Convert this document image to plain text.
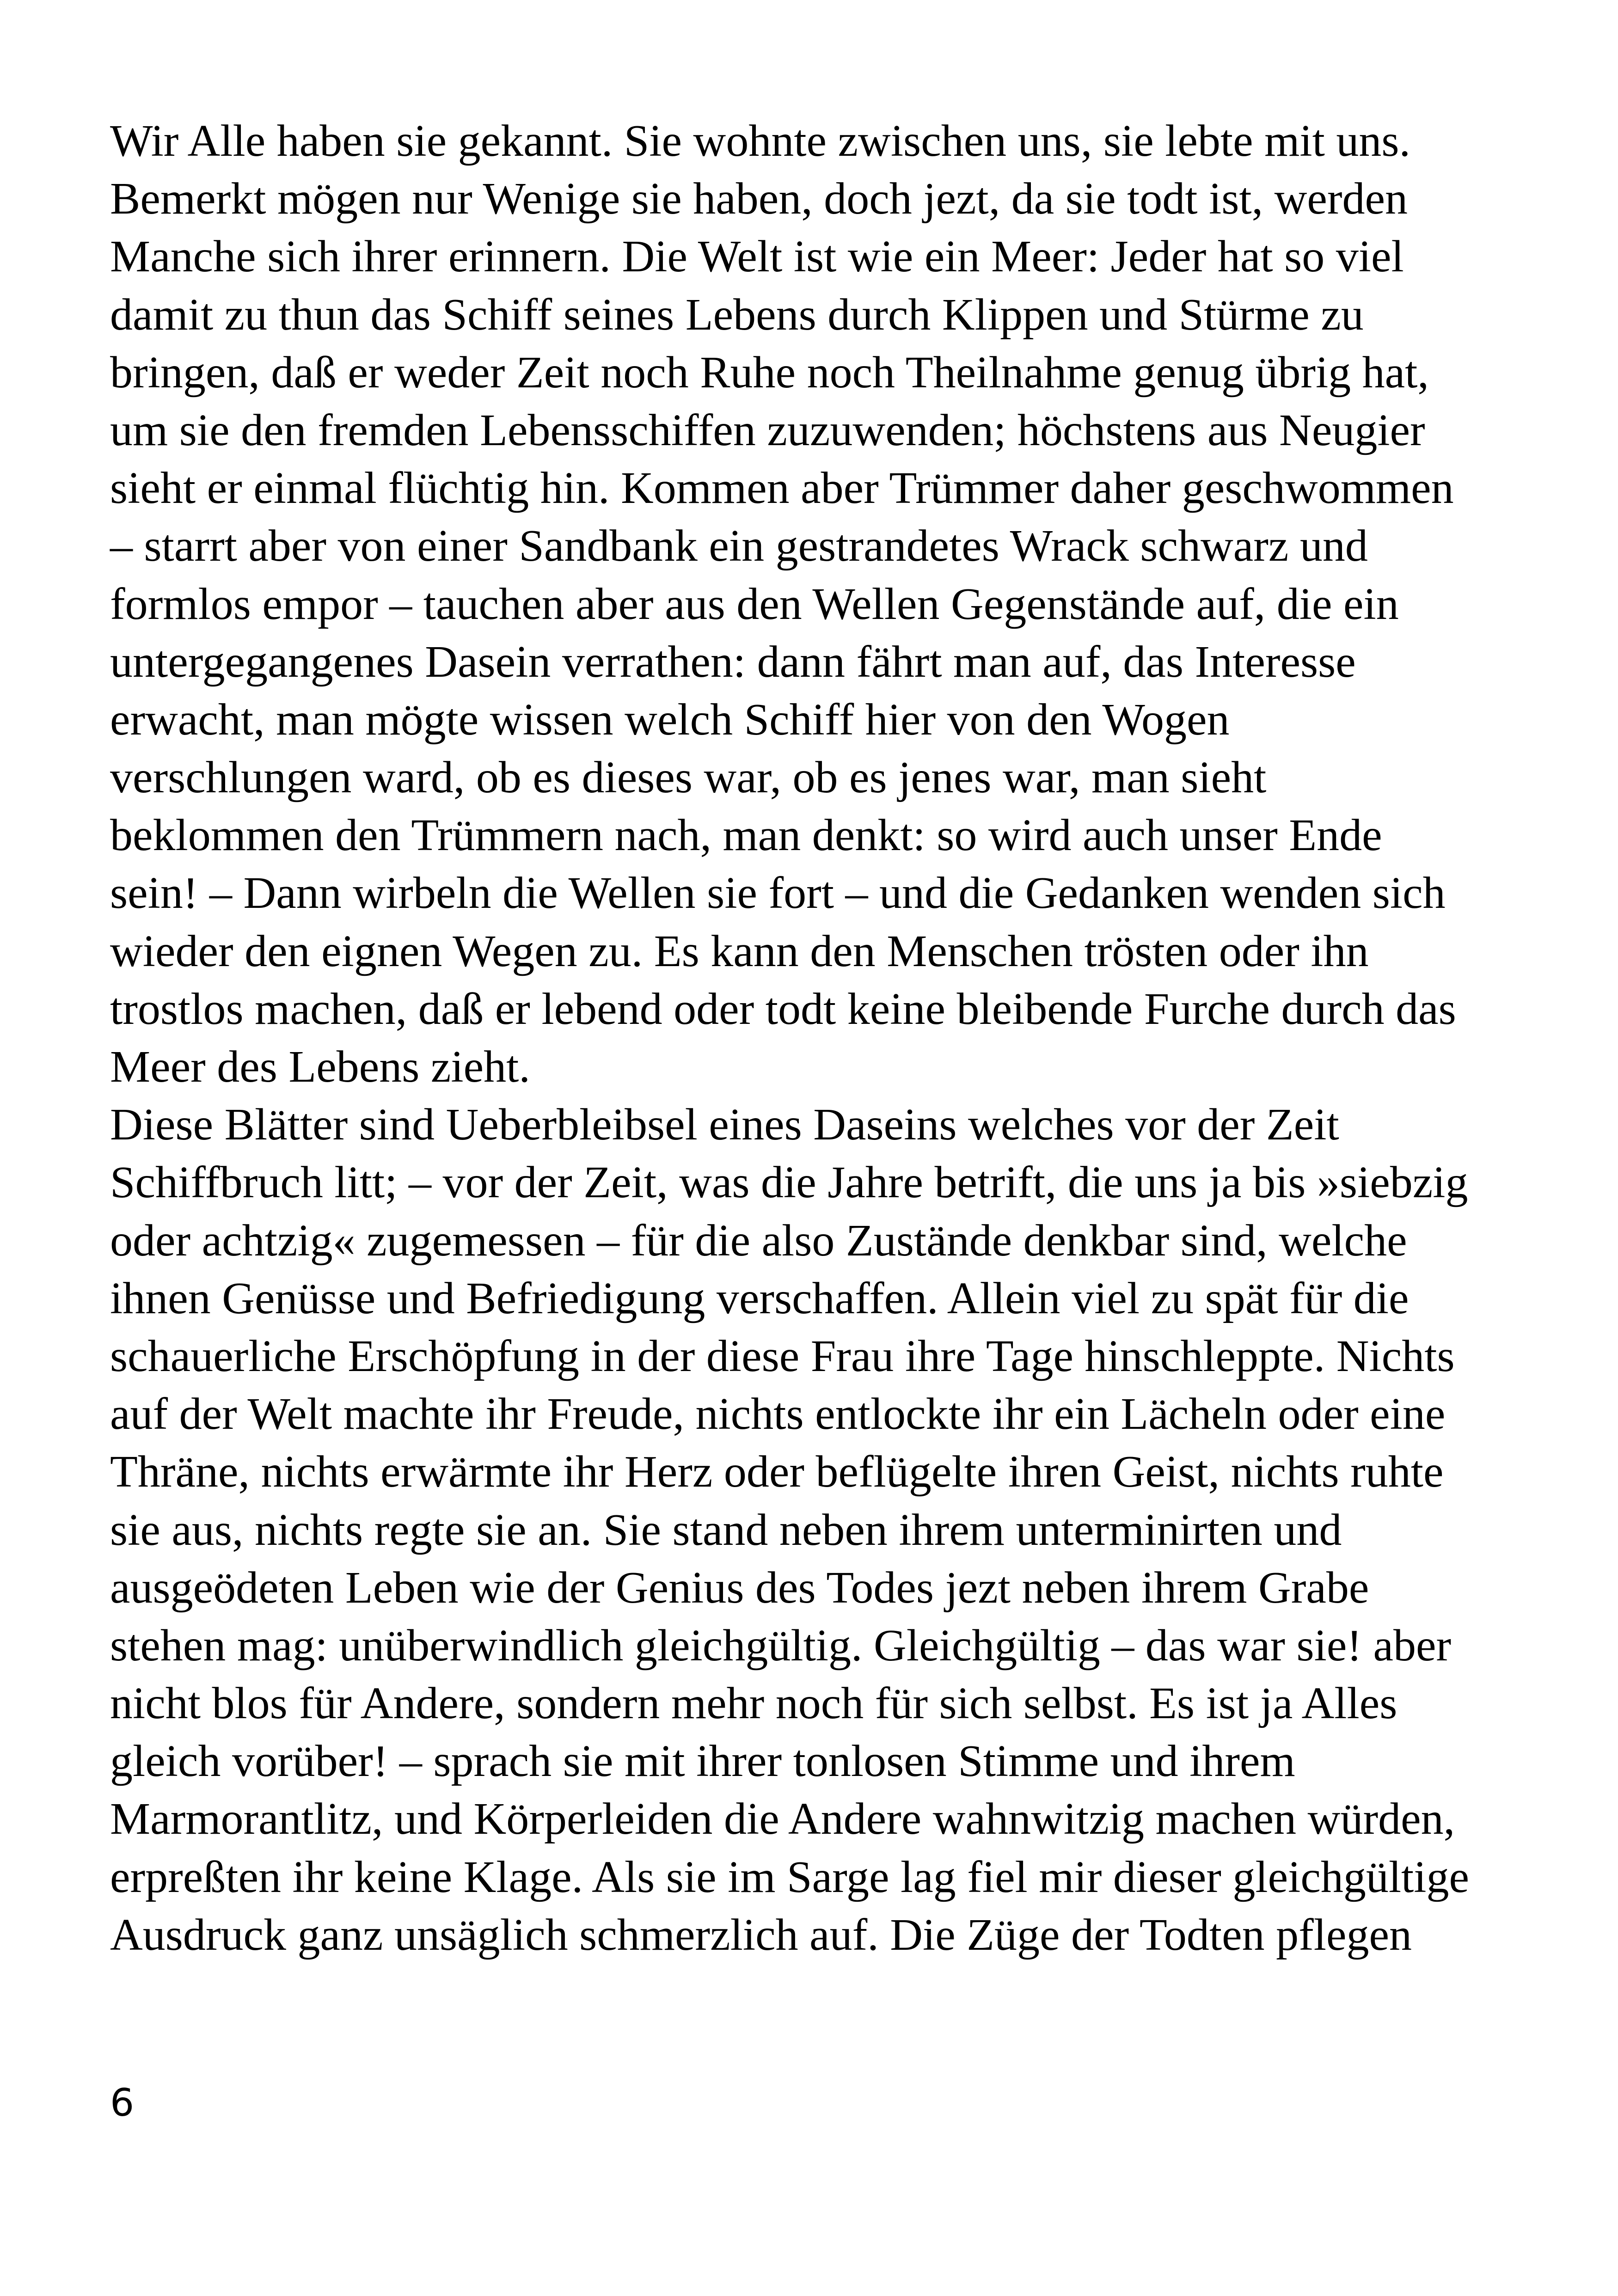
Wir Alle haben sie gekannt. Sie wohnte zwischen uns, sie lebte mit uns.
Bemerkt mögen nur Wenige sie haben, doch jezt, da sie todt ist, werden
Manche sich ihrer erinnern. Die Welt ist wie ein Meer: Jeder hat so viel
damit zu thun das Schiff seines Lebens durch Klippen und Stürme zu
bringen, daß er weder Zeit noch Ruhe noch Theilnahme genug übrig hat,
um sie den fremden Lebensschiffen zuzuwenden; höchstens aus Neugier
sieht er einmal flüchtig hin. Kommen aber Trümmer daher geschwommen
– starrt aber von einer Sandbank ein gestrandetes Wrack schwarz und
formlos empor – tauchen aber aus den Wellen Gegenstände auf, die ein
untergegangenes Dasein verrathen: dann fährt man auf, das Interesse
erwacht, man mögte wissen welch Schiff hier von den Wogen
verschlungen ward, ob es dieses war, ob es jenes war, man sieht
beklommen den Trümmern nach, man denkt: so wird auch unser Ende
sein! – Dann wirbeln die Wellen sie fort – und die Gedanken wenden sich
wieder den eignen Wegen zu. Es kann den Menschen trösten oder ihn
trostlos machen, daß er lebend oder todt keine bleibende Furche durch das
Meer des Lebens zieht.
Diese Blätter sind Ueberbleibsel eines Daseins welches vor der Zeit
Schiffbruch litt; – vor der Zeit, was die Jahre betrift, die uns ja bis »siebzig
oder achtzig« zugemessen – für die also Zustände denkbar sind, welche
ihnen Genüsse und Befriedigung verschaffen. Allein viel zu spät für die
schauerliche Erschöpfung in der diese Frau ihre Tage hinschleppte. Nichts
auf der Welt machte ihr Freude, nichts entlockte ihr ein Lächeln oder eine
Thräne, nichts erwärmte ihr Herz oder beflügelte ihren Geist, nichts ruhte
sie aus, nichts regte sie an. Sie stand neben ihrem unterminirten und
ausgeödeten Leben wie der Genius des Todes jezt neben ihrem Grabe
stehen mag: unüberwindlich gleichgültig. Gleichgültig – das war sie! aber
nicht blos für Andere, sondern mehr noch für sich selbst. Es ist ja Alles
gleich vorüber! – sprach sie mit ihrer tonlosen Stimme und ihrem
Marmorantlitz, und Körperleiden die Andere wahnwitzig machen würden,
erpreßten ihr keine Klage. Als sie im Sarge lag fiel mir dieser gleichgültige
Ausdruck ganz unsäglich schmerzlich auf. Die Züge der Todten pflegen
6
